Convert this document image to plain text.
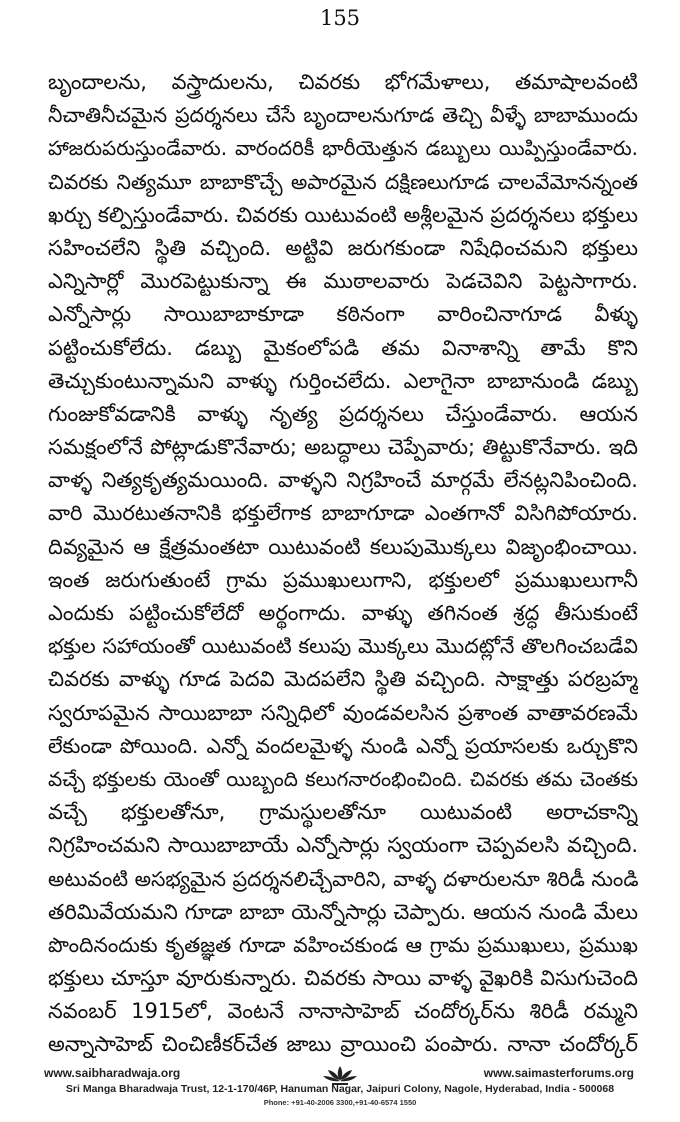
155
బృందాలను, వస్త్రాదులను, చివరకు భోగమేళాలు, తమాషాలవంటి
నీచాతినీచమైన ప్రదర్శనలు చేసే బృందాలనుగూడ తెచ్చి వీళ్ళే బాబాముందు
హాజరుపరుస్తుండేవారు. వారందరికీ భారీయెత్తున డబ్బులు యిప్పిస్తుండేవారు.
చివరకు నిత్యమూ బాబాకొచ్చే అపారమైన దక్షిణలుగూడ చాలవేమోనన్నంత
ఖర్చు కల్పిస్తుండేవారు. చివరకు యిటువంటి అశ్లీలమైన ప్రదర్శనలు భక్తులు
సహించలేని స్థితి వచ్చింది. అట్టివి జరుగకుండా నిషేధించమని భక్తులు
ఎన్నిసార్లో మొరపెట్టుకున్నా ఈ ముఠాలవారు పెడచెవిని పెట్టసాగారు.
ఎన్నోసార్లు సాయిబాబాకూడా కఠినంగా వారించినాగూడ వీళ్ళు
పట్టించుకోలేదు. డబ్బు మైకంలోపడి తమ వినాశాన్ని తామే కొని
తెచ్చుకుంటున్నామని వాళ్ళు గుర్తించలేదు. ఎలాగైనా బాబానుండి డబ్బు
గుంజుకోవడానికి వాళ్ళు నృత్య ప్రదర్శనలు చేస్తుండేవారు. ఆయన
సమక్షంలోనే పోట్లాడుకొనేవారు; అబద్ధాలు చెప్పేవారు; తిట్టుకొనేవారు. ఇది
వాళ్ళ నిత్యకృత్యమయింది. వాళ్ళని నిగ్రహించే మార్గమే లేనట్లనిపించింది.
వారి మొరటుతనానికి భక్తులేగాక బాబాగూడా ఎంతగానో విసిగిపోయారు.
దివ్యమైన ఆ క్షేత్రమంతటా యిటువంటి కలుపుమొక్కలు విజృంభించాయి.
ఇంత జరుగుతుంటే గ్రామ ప్రముఖులుగాని, భక్తులలో ప్రముఖులుగానీ
ఎందుకు పట్టించుకోలేదో అర్థంగాదు. వాళ్ళు తగినంత శ్రద్ధ తీసుకుంటే
భక్తుల సహాయంతో యిటువంటి కలుపు మొక్కలు మొదట్లోనే తొలగించబడేవి
చివరకు వాళ్ళు గూడ పెదవి మెదపలేని స్థితి వచ్చింది. సాక్షాత్తు పరబ్రహ్మ
స్వరూపమైన సాయిబాబా సన్నిధిలో వుండవలసిన ప్రశాంత వాతావరణమే
లేకుండా పోయింది. ఎన్నో వందలమైళ్ళ నుండి ఎన్నో ప్రయాసలకు ఒర్చుకొని
వచ్చే భక్తులకు యెంతో యిబ్బంది కలుగనారంభించింది. చివరకు తమ చెంతకు
వచ్చే భక్తులతోనూ, గ్రామస్థులతోనూ యిటువంటి అరాచకాన్ని
నిగ్రహించమని సాయిబాబాయే ఎన్నోసార్లు స్వయంగా చెప్పవలసి వచ్చింది.
అటువంటి అసభ్యమైన ప్రదర్శనలిచ్చేవారిని, వాళ్ళ దళారులనూ శిరిడీ నుండి
తరిమివేయమని గూడా బాబా యెన్నోసార్లు చెప్పారు. ఆయన నుండి మేలు
పొందినందుకు కృతజ్ఞత గూడా వహించకుండ ఆ గ్రామ ప్రముఖులు, ప్రముఖ
భక్తులు చూస్తూ వూరుకున్నారు. చివరకు సాయి వాళ్ళ వైఖరికి విసుగుచెంది
నవంబర్ 1915లో, వెంటనే నానాసాహెబ్ చందోర్కర్‌ను శిరిడీ రమ్మని
అన్నాసాహెబ్ చించిణీకర్‌చేత జాబు వ్రాయించి పంపారు. నానా చందోర్కర్
www.saibharadwaja.org	www.saimasterforums.org
Sri Manga Bharadwaja Trust, 12-1-170/46P, Hanuman Nagar, Jaipuri Colony, Nagole, Hyderabad, India - 500068
Phone: +91-40-2006 3300,+91-40-6574 1550
